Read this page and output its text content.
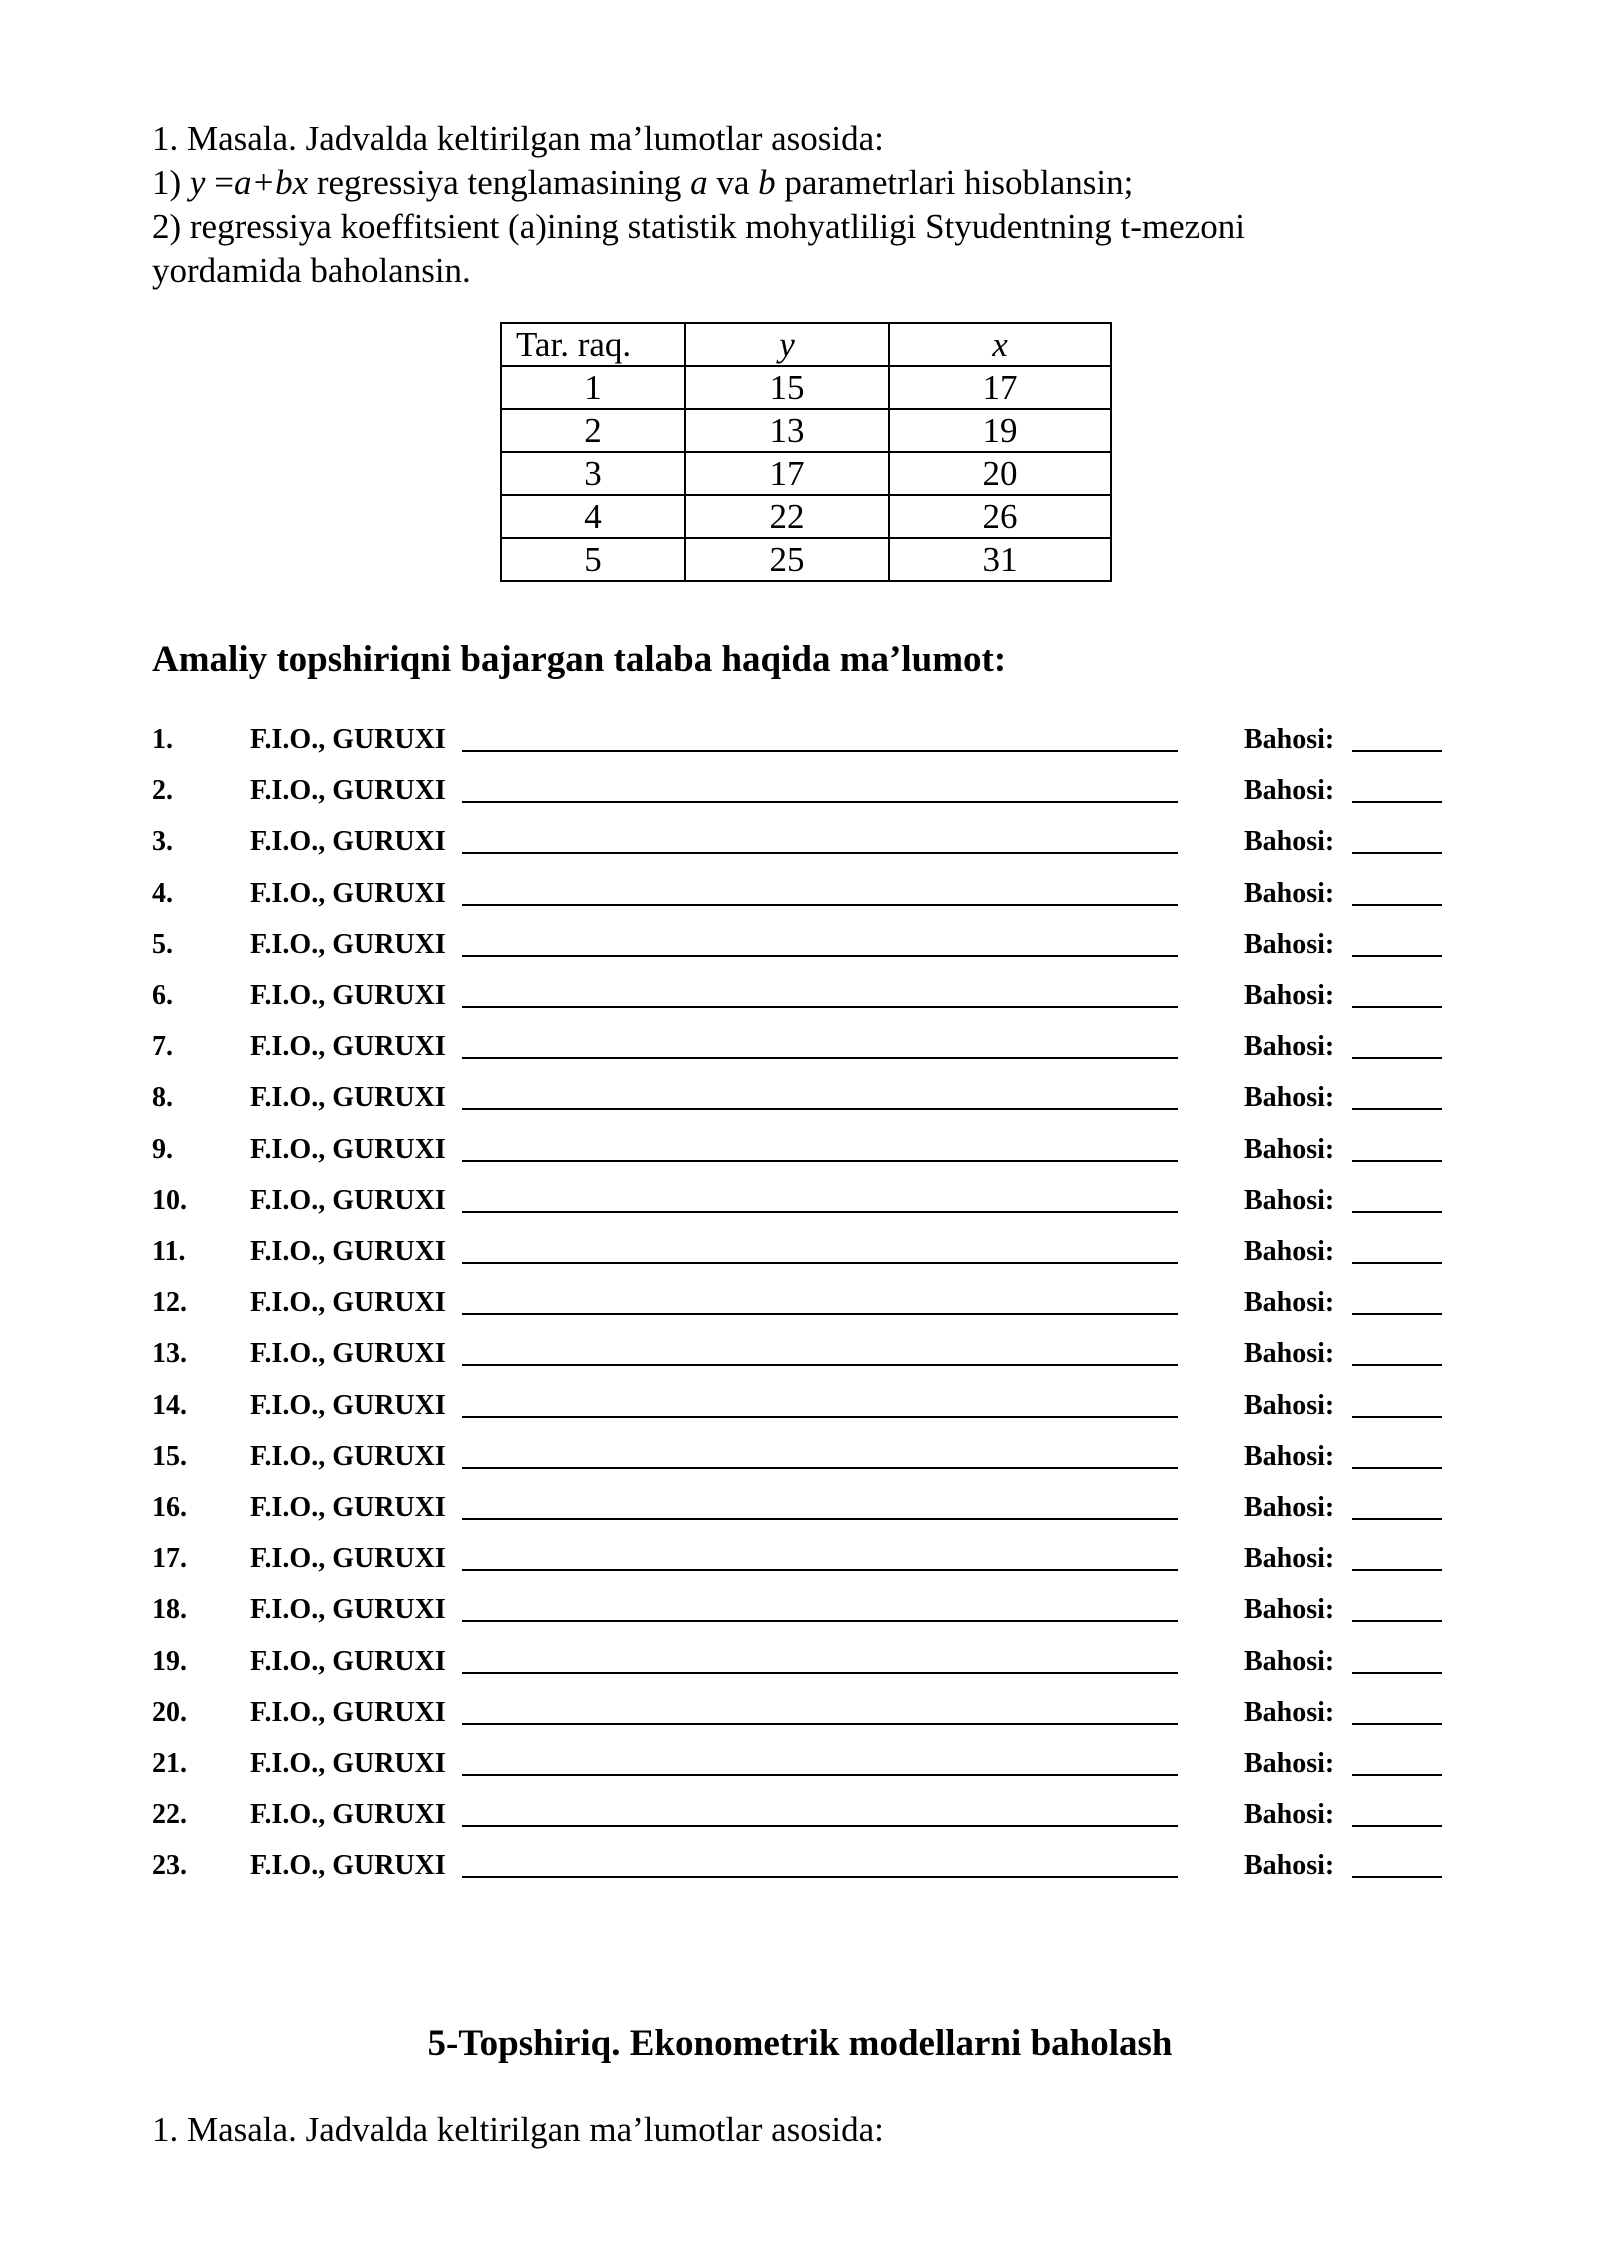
1. Masala. Jadvalda keltirilgan ma’lumotlar asosida:
1) y =a+bx regressiya tenglamasining a va b parametrlari hisoblansin;
2) regressiya koeffitsient (a)ining statistik mohyatliligi Styudentning t-mezoni
yordamida baholansin.
Tar. raq.	y	x
1	15	17
2	13	19
3	17	20
4	22	26
5	25	31
Amaliy topshiriqni bajargan talaba haqida ma’lumot:
1.	F.I.O., GURUXI	Bahosi:
2.	F.I.O., GURUXI	Bahosi:
3.	F.I.O., GURUXI	Bahosi:
4.	F.I.O., GURUXI	Bahosi:
5.	F.I.O., GURUXI	Bahosi:
6.	F.I.O., GURUXI	Bahosi:
7.	F.I.O., GURUXI	Bahosi:
8.	F.I.O., GURUXI	Bahosi:
9.	F.I.O., GURUXI	Bahosi:
10. F.I.O., GURUXI	Bahosi:
11. F.I.O., GURUXI	Bahosi:
12. F.I.O., GURUXI	Bahosi:
13. F.I.O., GURUXI	Bahosi:
14. F.I.O., GURUXI	Bahosi:
15. F.I.O., GURUXI	Bahosi:
16. F.I.O., GURUXI	Bahosi:
17. F.I.O., GURUXI	Bahosi:
18. F.I.O., GURUXI	Bahosi:
19. F.I.O., GURUXI	Bahosi:
20. F.I.O., GURUXI	Bahosi:
21. F.I.O., GURUXI	Bahosi:
22. F.I.O., GURUXI	Bahosi:
23. F.I.O., GURUXI	Bahosi:
5-Topshiriq. Ekonometrik modellarni baholash
1. Masala. Jadvalda keltirilgan ma’lumotlar asosida:
